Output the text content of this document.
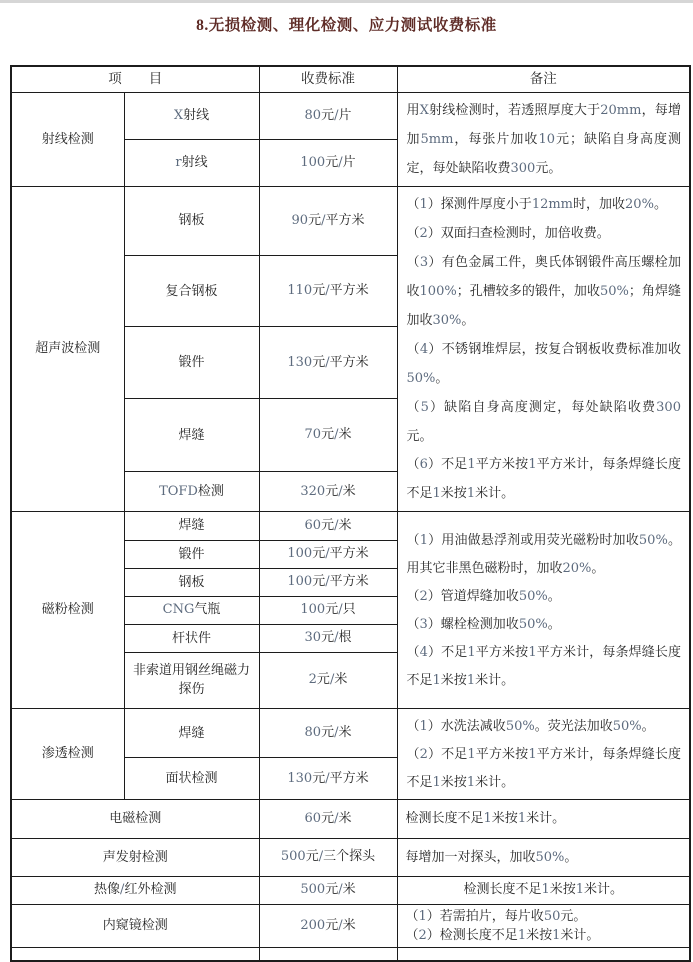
8.无损检测、理化检测、应力测试收费标准
项　　目		收费标准	备注
射线检测	X射线	80元/片	用X射线检测时，若透照厚度大于20mm，每增加5mm，每张片加收10元；缺陷自身高度测定，每处缺陷收费300元。

	r射线	100元/片	
超声波检测	钢板	90元/平方米	
（1）探测件厚度小于12mm时，加收20%。
（2）双面扫查检测时，加倍收费。
（3）有色金属工件，奥氏体钢锻件高压螺栓加收100%；孔槽较多的锻件，加收50%；角焊缝加收30%。
（4）不锈钢堆焊层，按复合钢板收费标准加收50%。
（5）缺陷自身高度测定，每处缺陷收费300元。
（6）不足1平方米按1平方米计，每条焊缝长度不足1米按1米计。

	复合钢板	110元/平方米	
	锻件	130元/平方米	
	焊缝	70元/米	
	TOFD检测	320元/米	
磁粉检测	焊缝	60元/米	（1）用油做悬浮剂或用荧光磁粉时加收50%。用其它非黑色磁粉时，加收20%。
（2）管道焊缝加收50%。
（3）螺栓检测加收50%。
（4）不足1平方米按1平方米计，每条焊缝长度不足1米按1米计。

	锻件	100元/平方米	
	钢板	100元/平方米	
	CNG气瓶	100元/只	
	杆状件	30元/根	
	非索道用钢丝绳磁力探伤	2元/米	
渗透检测	焊缝	80元/米	（1）水洗法减收50%。荧光法加收50%。
（2）不足1平方米按1平方米计，每条焊缝长度不足1米按1米计。

	面状检测	130元/平方米	
电磁检测		60元/米	检测长度不足1米按1米计。

声发射检测		500元/三个探头	每增加一对探头，加收50%。

热像/红外检测		500元/米	检测长度不足1米按1米计。

内窥镜检测		200元/米	（1）若需拍片，每片收50元。
（2）检测长度不足1米按1米计。
